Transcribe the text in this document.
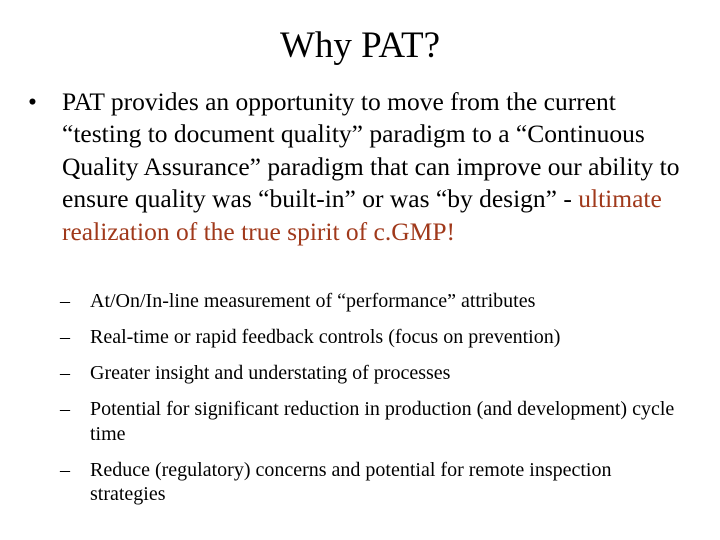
Why PAT?
• PAT provides an opportunity to move from the current “testing to document quality” paradigm to a “Continuous Quality Assurance” paradigm that can improve our ability to ensure quality was “built-in” or was “by design” - ultimate realization of the true spirit of c.GMP!
– At/On/In-line measurement of “performance” attributes
– Real-time or rapid feedback controls (focus on prevention)
– Greater insight and understating of processes
– Potential for significant reduction in production (and development) cycle time
– Reduce (regulatory) concerns and potential for remote inspection strategies
